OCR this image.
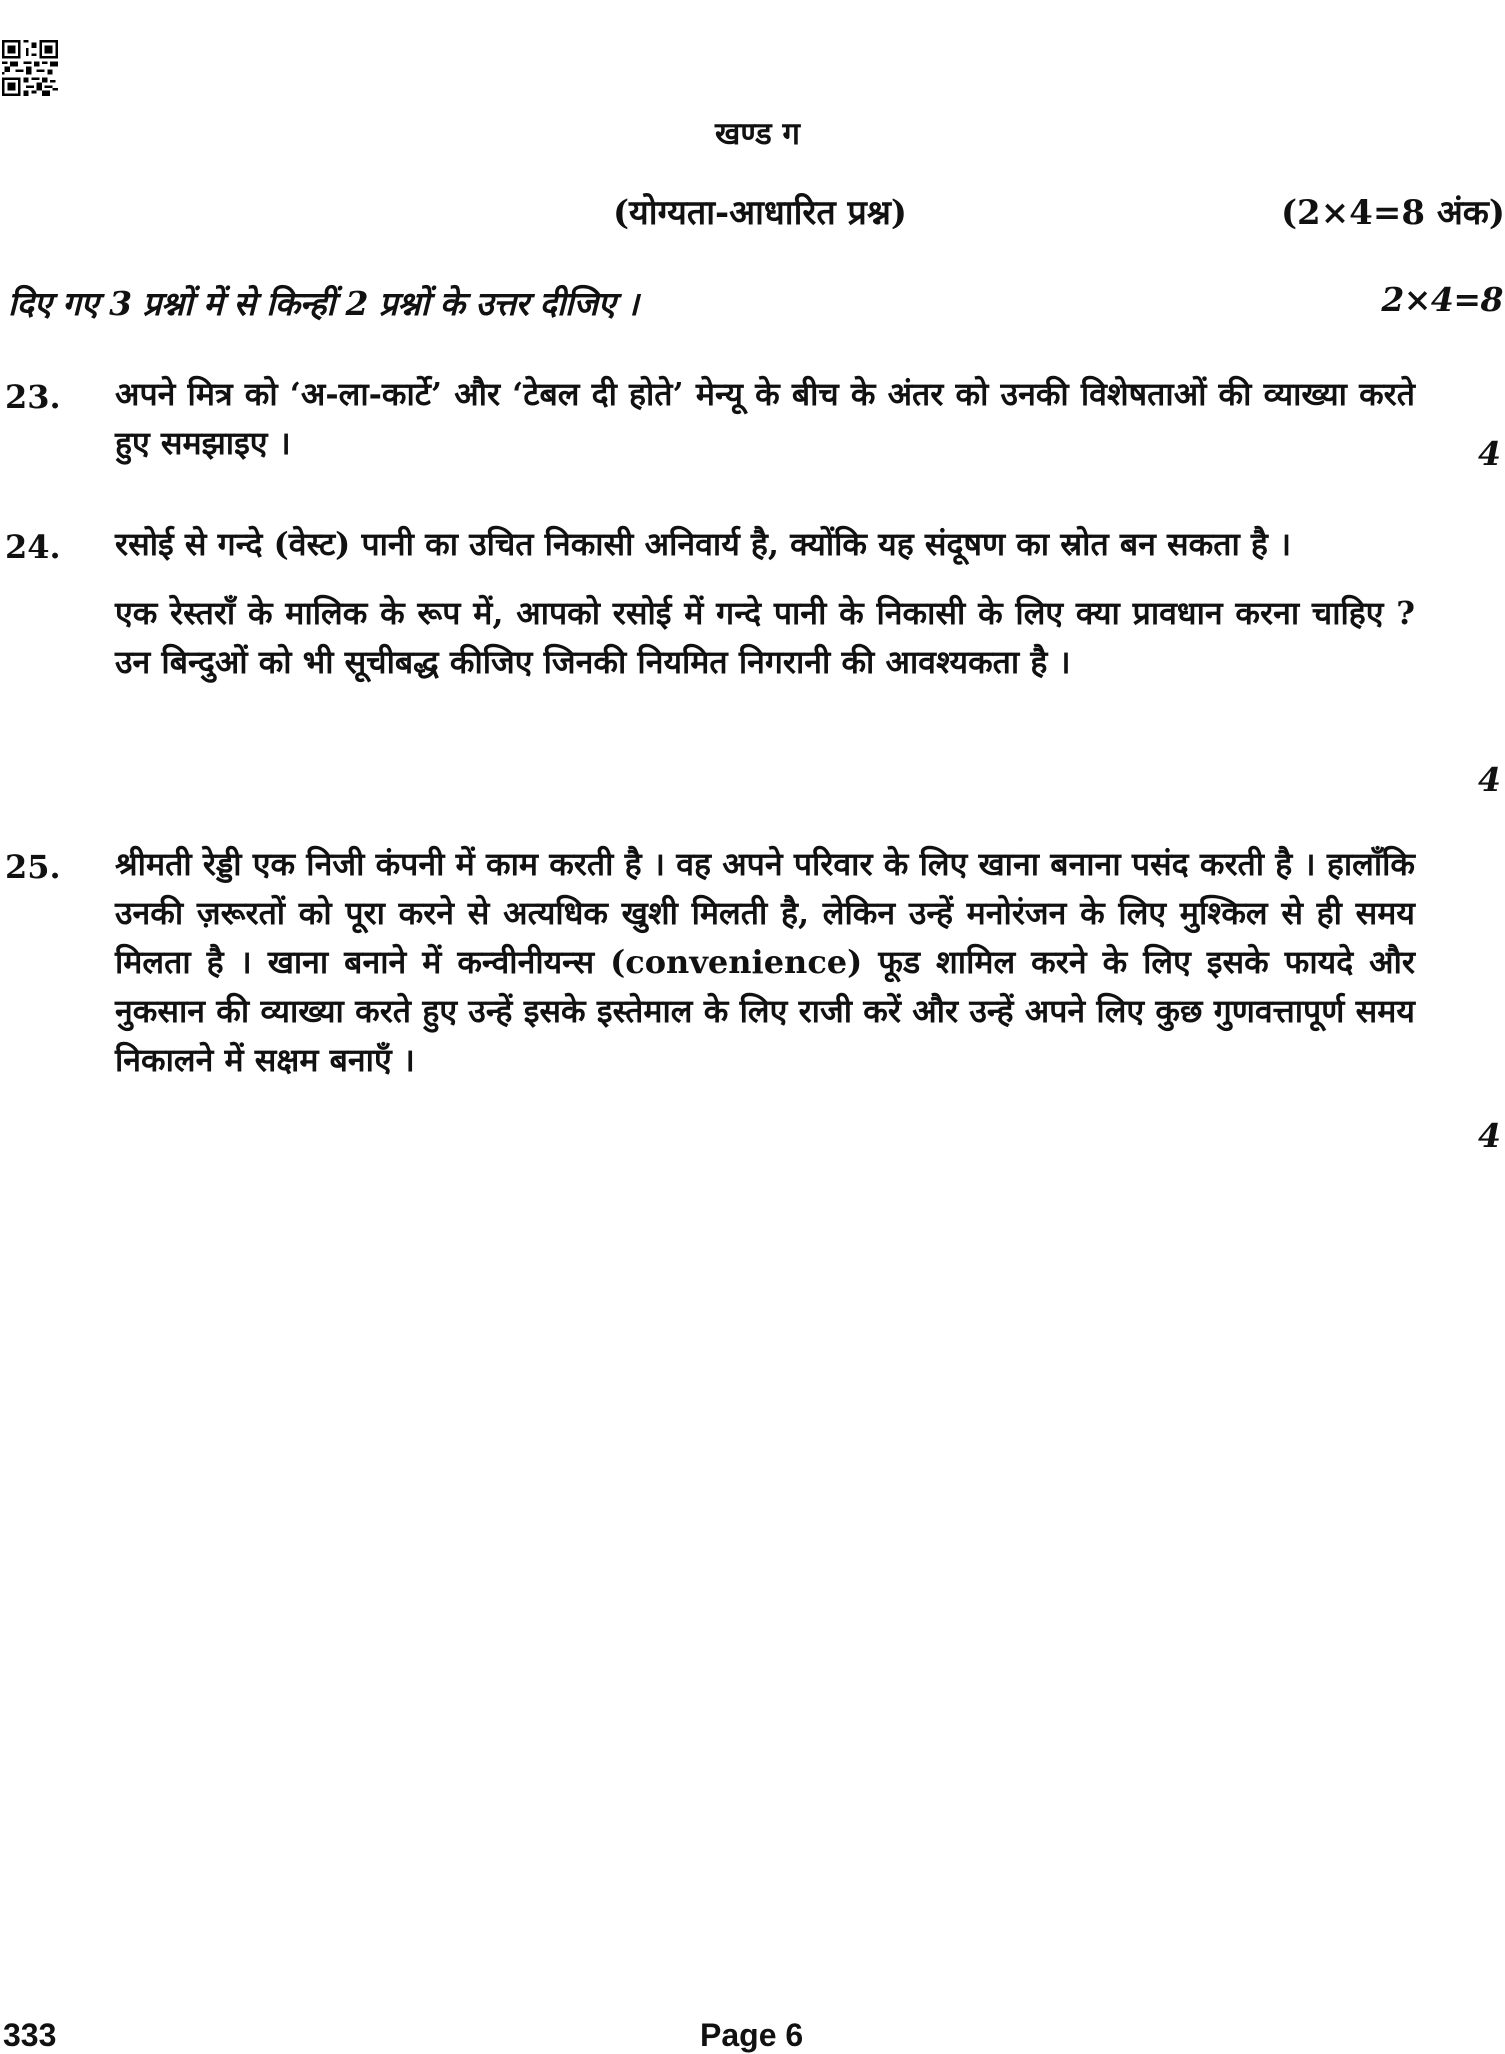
खण्ड ग
(योग्यता-आधारित प्रश्न)	(2×4=8 अंक)
दिए गए 3 प्रश्नों में से किन्हीं 2 प्रश्नों के उत्तर दीजिए ।	2×4=8
23. अपने मित्र को ‘अ-ला-कार्टे’ और ‘टेबल दी होते’ मेन्यू के बीच के अंतर को उनकी विशेषताओं की व्याख्या करते हुए समझाइए ।	4
24. रसोई से गन्दे (वेस्ट) पानी का उचित निकासी अनिवार्य है, क्योंकि यह संदूषण का स्रोत बन सकता है ।

एक रेस्तराँ के मालिक के रूप में, आपको रसोई में गन्दे पानी के निकासी के लिए क्या प्रावधान करना चाहिए ? उन बिन्दुओं को भी सूचीबद्ध कीजिए जिनकी नियमित निगरानी की आवश्यकता है ।

4
25. श्रीमती रेड्डी एक निजी कंपनी में काम करती है । वह अपने परिवार के लिए खाना बनाना पसंद करती है । हालाँकि उनकी ज़रूरतों को पूरा करने से अत्यधिक खुशी मिलती है, लेकिन उन्हें मनोरंजन के लिए मुश्किल से ही समय मिलता है । खाना बनाने में कन्वीनीयन्स (convenience) फूड शामिल करने के लिए इसके फायदे और नुकसान की व्याख्या करते हुए उन्हें इसके इस्तेमाल के लिए राजी करें और उन्हें अपने लिए कुछ गुणवत्तापूर्ण समय निकालने में सक्षम बनाएँ ।

4
333	Page 6
